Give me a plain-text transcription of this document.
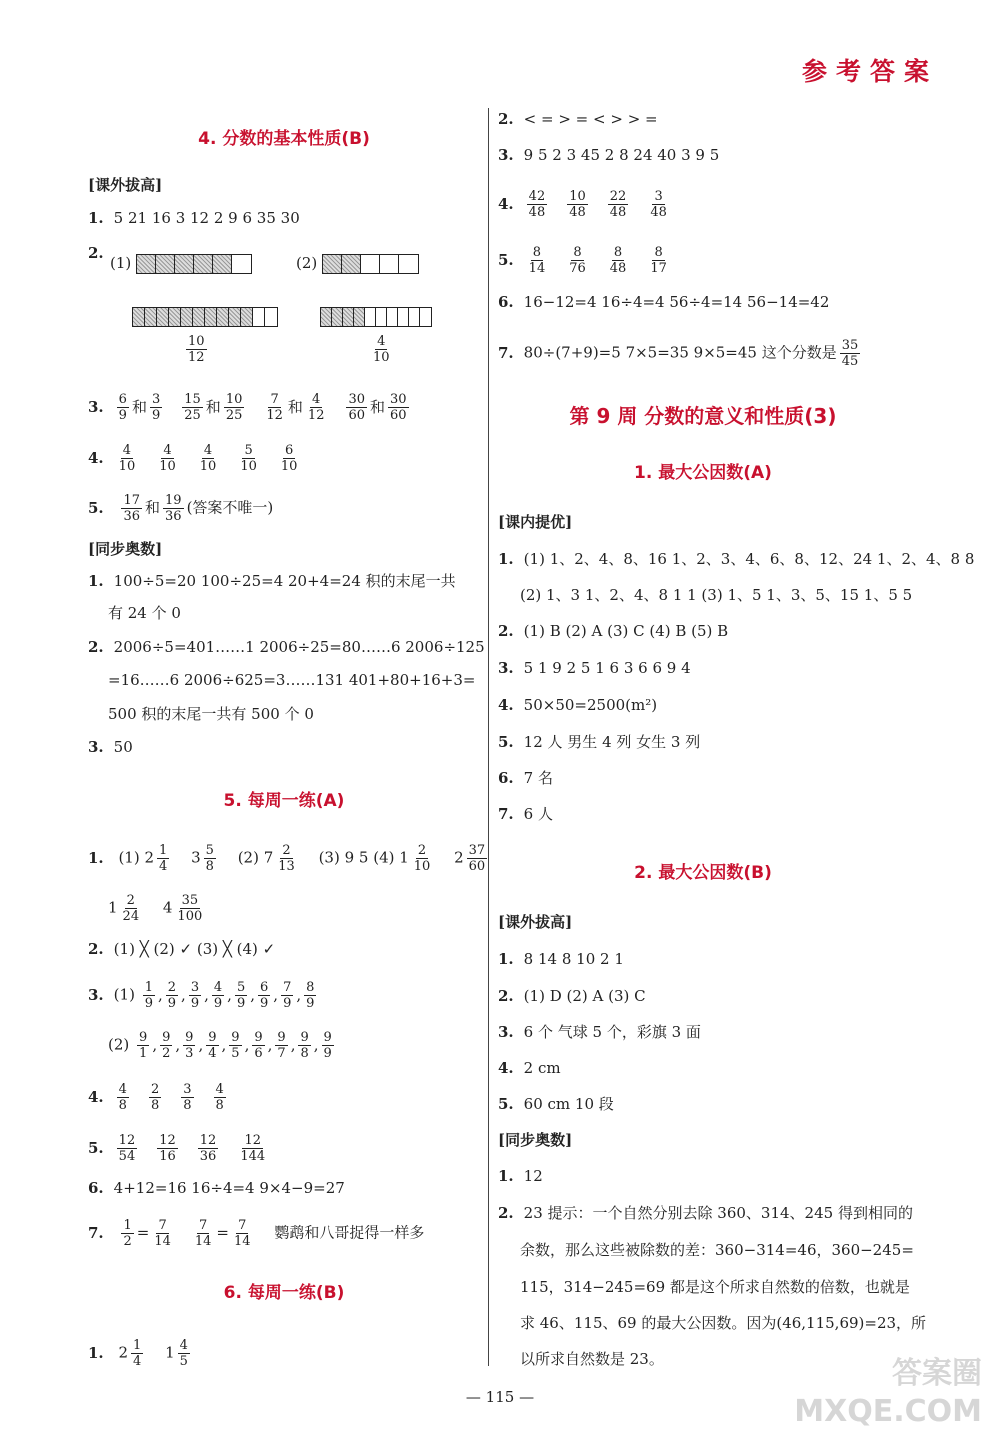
参考答案
4. 分数的基本性质(B)
[课外拔高]
1. 5 21 16 3 12 2 9 6 35 30
2.
(1)	(2)
$\frac{10}{12}$	$\frac{4}{10}$
3. $\frac{6}{9}$ 和 $\frac{3}{9} \frac{15}{25}$ 和 $\frac{10}{25} \frac{7}{12}$ 和 $\frac{4}{12} \frac{30}{60}$ 和 $\frac{30}{60}$
4. $\frac{4}{10} \frac{4}{10} \frac{4}{10} \frac{5}{10} \frac{6}{10}$
5. $\frac{17}{36}$ 和 $\frac{19}{36}$ (答案不唯一)
[同步奥数]
1. 100÷5=20 100÷25=4 20+4=24 积的末尾一共
有 24 个 0
2. 2006÷5=401……1 2006÷25=80……6 2006÷125
=16……6 2006÷625=3……131 401+80+16+3=
500 积的末尾一共有 500 个 0
3. 50
5. 每周一练(A)
1. (1) $2 \frac{1}{4} 3 \frac{5}{8} (2)$ $7 \frac{2}{13} (3)$ 9 5 (4) $1 \frac{2}{10} 2 \frac{37}{60}$
$1 \frac{2}{24} 4 \frac{35}{100}$
2. (1) ╳ (2) ✓ (3) ╳ (4) ✓
3. $(1) \frac{1}{9}$ , $\frac{2}{9}$ , $\frac{3}{9}$ , $\frac{4}{9}$ , $\frac{5}{9}$ , $\frac{6}{9}$ , $\frac{7}{9}$ , $\frac{8}{9}$
$(2) \frac{9}{1}$ , $\frac{9}{2}$ , $\frac{9}{3}$ , $\frac{9}{4}$ , $\frac{9}{5}$ , $\frac{9}{6}$ , $\frac{9}{7}$ , $\frac{9}{8}$ , $\frac{9}{9}$
4. $\frac{4}{8} \frac{2}{8} \frac{3}{8} \frac{4}{8}$
5. $\frac{12}{54} \frac{12}{16} \frac{12}{36} \frac{12}{144}$
6. 4+12=16 16÷4=4 9×4−9=27
7. $\frac{1}{2} = \frac{7}{14} \frac{7}{14} = \frac{7}{14}$ 鹦鹉和八哥捉得一样多
6. 每周一练(B)
1. $2 \frac{1}{4} 1 \frac{4}{5}$
2. < = > = < > > =
3. 9 5 2 3 45 2 8 24 40 3 9 5
4. $\frac{42}{48} \frac{10}{48} \frac{22}{48} \frac{3}{48}$
5. $\frac{8}{14} \frac{8}{76} \frac{8}{48} \frac{8}{17}$
6. 16−12=4 16÷4=4 56÷4=14 56−14=42
7. 80÷(7+9)=5 7×5=35 9×5=45 这个分数是 $\frac{35}{45}$
第 9 周 分数的意义和性质(3)
1. 最大公因数(A)
[课内提优]
1. (1) 1、2、4、8、16 1、2、3、4、6、8、12、24 1、2、4、8 8
(2) 1、3 1、2、4、8 1 1 (3) 1、5 1、3、5、15 1、5 5
2. (1) B (2) A (3) C (4) B (5) B
3. 5 1 9 2 5 1 6 3 6 6 9 4
4. 50×50=2500(m²)
5. 12 人 男生 4 列 女生 3 列
6. 7 名
7. 6 人
2. 最大公因数(B)
[课外拔高]
1. 8 14 8 10 2 1
2. (1) D (2) A (3) C
3. 6 个 气球 5 个，彩旗 3 面
4. 2 cm
5. 60 cm 10 段
[同步奥数]
1. 12
2. 23 提示：一个自然分别去除 360、314、245 得到相同的
余数，那么这些被除数的差：360−314=46，360−245=
115，314−245=69 都是这个所求自然数的倍数，也就是
求 46、115、69 的最大公因数。因为(46,115,69)=23，所
以所求自然数是 23。
— 115 —
答案圈
MXQE.COM
